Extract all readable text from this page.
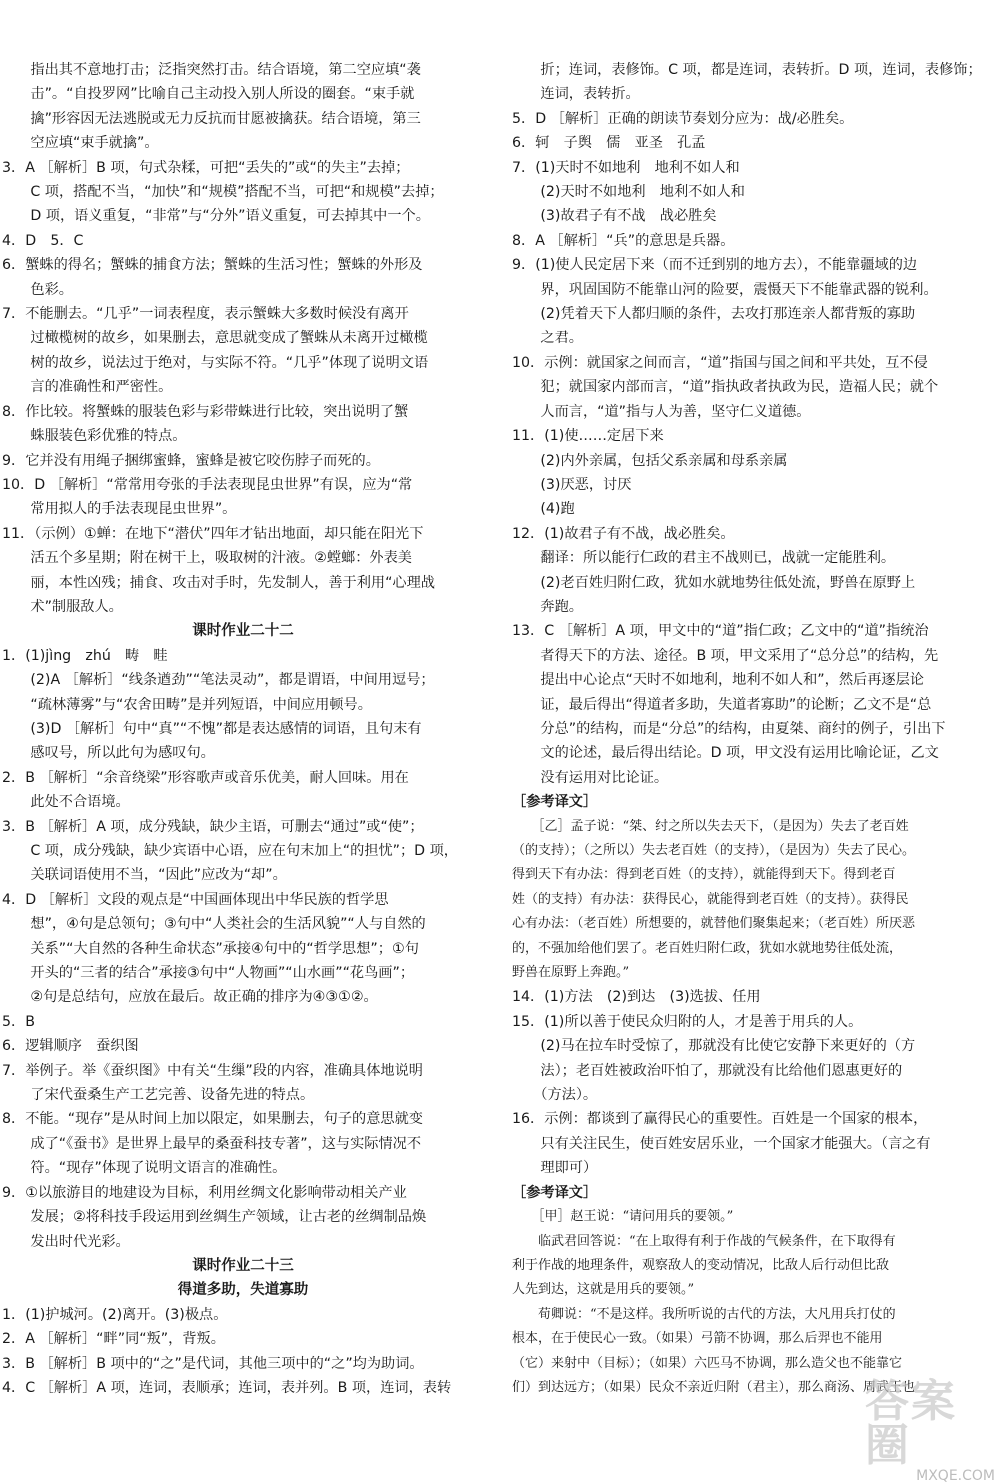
　　指出其不意地打击；泛指突然打击。结合语境，第二空应填“袭
　　击”。“自投罗网”比喻自己主动投入别人所设的圈套。“束手就
　　擒”形容因无法逃脱或无力反抗而甘愿被擒获。结合语境，第三
　　空应填“束手就擒”。
3．A ［解析］B 项，句式杂糅，可把“丢失的”或“的失主”去掉；
　　C 项，搭配不当，“加快”和“规模”搭配不当，可把“和规模”去掉；
　　D 项，语义重复，“非常”与“分外”语义重复，可去掉其中一个。
4．D　5．C
6．蟹蛛的得名；蟹蛛的捕食方法；蟹蛛的生活习性；蟹蛛的外形及
　　色彩。
7．不能删去。“几乎”一词表程度，表示蟹蛛大多数时候没有离开
　　过橄榄树的故乡，如果删去，意思就变成了蟹蛛从未离开过橄榄
　　树的故乡，说法过于绝对，与实际不符。“几乎”体现了说明文语
　　言的准确性和严密性。
8．作比较。将蟹蛛的服装色彩与彩带蛛进行比较，突出说明了蟹
　　蛛服装色彩优雅的特点。
9．它并没有用绳子捆绑蜜蜂，蜜蜂是被它咬伤脖子而死的。
10．D ［解析］“常常用夸张的手法表现昆虫世界”有误，应为“常
　　常用拟人的手法表现昆虫世界”。
11．（示例）①蝉：在地下“潜伏”四年才钻出地面，却只能在阳光下
　　活五个多星期；附在树干上，吸取树的汁液。②螳螂：外表美
　　丽，本性凶残；捕食、攻击对手时，先发制人，善于利用“心理战
　　术”制服敌人。
课时作业二十二
1．(1)jìng　zhú　畴　畦
　　(2)A ［解析］“线条遒劲”“笔法灵动”，都是谓语，中间用逗号；
　　“疏林薄雾”与“农舍田畴”是并列短语，中间应用顿号。
　　(3)D ［解析］句中“真”“不愧”都是表达感情的词语，且句末有
　　感叹号，所以此句为感叹句。
2．B ［解析］“余音绕梁”形容歌声或音乐优美，耐人回味。用在
　　此处不合语境。
3．B ［解析］A 项，成分残缺，缺少主语，可删去“通过”或“使”；
　　C 项，成分残缺，缺少宾语中心语，应在句末加上“的担忧”；D 项，
　　关联词语使用不当，“因此”应改为“却”。
4．D ［解析］文段的观点是“中国画体现出中华民族的哲学思
　　想”，④句是总领句；③句中“人类社会的生活风貌”“人与自然的
　　关系”“大自然的各种生命状态”承接④句中的“哲学思想”；①句
　　开头的“三者的结合”承接③句中“人物画”“山水画”“花鸟画”；
　　②句是总结句，应放在最后。故正确的排序为④③①②。
5．B
6．逻辑顺序　蚕织图
7．举例子。举《蚕织图》中有关“生缫”段的内容，准确具体地说明
　　了宋代蚕桑生产工艺完善、设备先进的特点。
8．不能。“现存”是从时间上加以限定，如果删去，句子的意思就变
　　成了“《蚕书》是世界上最早的桑蚕科技专著”，这与实际情况不
　　符。“现存”体现了说明文语言的准确性。
9．①以旅游目的地建设为目标，利用丝绸文化影响带动相关产业
　　发展；②将科技手段运用到丝绸生产领域，让古老的丝绸制品焕
　　发出时代光彩。
课时作业二十三
得道多助，失道寡助
1．(1)护城河。(2)离开。(3)极点。
2．A ［解析］“畔”同“叛”，背叛。
3．B ［解析］B 项中的“之”是代词，其他三项中的“之”均为助词。
4．C ［解析］A 项，连词，表顺承；连词，表并列。B 项，连词，表转
　　折；连词，表修饰。C 项，都是连词，表转折。D 项，连词，表修饰；
　　连词，表转折。
5．D ［解析］正确的朗读节奏划分应为：战/必胜矣。
6．轲　子舆　儒　亚圣　孔孟
7．(1)天时不如地利　地利不如人和
　　(2)天时不如地利　地利不如人和
　　(3)故君子有不战　战必胜矣
8．A ［解析］“兵”的意思是兵器。
9．(1)使人民定居下来（而不迁到别的地方去），不能靠疆域的边
　　界，巩固国防不能靠山河的险要，震慑天下不能靠武器的锐利。
　　(2)凭着天下人都归顺的条件，去攻打那连亲人都背叛的寡助
　　之君。
10．示例：就国家之间而言，“道”指国与国之间和平共处，互不侵
　　犯；就国家内部而言，“道”指执政者执政为民，造福人民；就个
　　人而言，“道”指与人为善，坚守仁义道德。
11．(1)使……定居下来
　　(2)内外亲属，包括父系亲属和母系亲属
　　(3)厌恶，讨厌
　　(4)跑
12．(1)故君子有不战，战必胜矣。
　　翻译：所以能行仁政的君主不战则已，战就一定能胜利。
　　(2)老百姓归附仁政，犹如水就地势往低处流，野兽在原野上
　　奔跑。
13．C ［解析］A 项，甲文中的“道”指仁政；乙文中的“道”指统治
　　者得天下的方法、途径。B 项，甲文采用了“总分总”的结构，先
　　提出中心论点“天时不如地利，地利不如人和”，然后再逐层论
　　证，最后得出“得道者多助，失道者寡助”的论断；乙文不是“总
　　分总”的结构，而是“分总”的结构，由夏桀、商纣的例子，引出下
　　文的论述，最后得出结论。D 项，甲文没有运用比喻论证，乙文
　　没有运用对比论证。
［参考译文］
　　［乙］孟子说：“桀、纣之所以失去天下，（是因为）失去了老百姓
（的支持）；（之所以）失去老百姓（的支持），（是因为）失去了民心。
得到天下有办法：得到老百姓（的支持），就能得到天下。得到老百
姓（的支持）有办法：获得民心，就能得到老百姓（的支持）。获得民
心有办法：（老百姓）所想要的，就替他们聚集起来；（老百姓）所厌恶
的，不强加给他们罢了。老百姓归附仁政，犹如水就地势往低处流，
野兽在原野上奔跑。”
14．(1)方法　(2)到达　(3)选拔、任用
15．(1)所以善于使民众归附的人，才是善于用兵的人。
　　(2)马在拉车时受惊了，那就没有比使它安静下来更好的（方
　　法）；老百姓被政治吓怕了，那就没有比给他们恩惠更好的
　　（方法）。
16．示例：都谈到了赢得民心的重要性。百姓是一个国家的根本，
　　只有关注民生，使百姓安居乐业，一个国家才能强大。（言之有
　　理即可）
［参考译文］
　　［甲］赵王说：“请问用兵的要领。”
　　临武君回答说：“在上取得有利于作战的气候条件，在下取得有
利于作战的地理条件，观察敌人的变动情况，比敌人后行动但比敌
人先到达，这就是用兵的要领。”
　　荀卿说：“不是这样。我所听说的古代的方法，大凡用兵打仗的
根本，在于使民心一致。（如果）弓箭不协调，那么后羿也不能用
（它）来射中（目标）；（如果）六匹马不协调，那么造父也不能靠它
们）到达远方；（如果）民众不亲近归附（君主），那么商汤、周武王也
答案圈
MXQE.COM
